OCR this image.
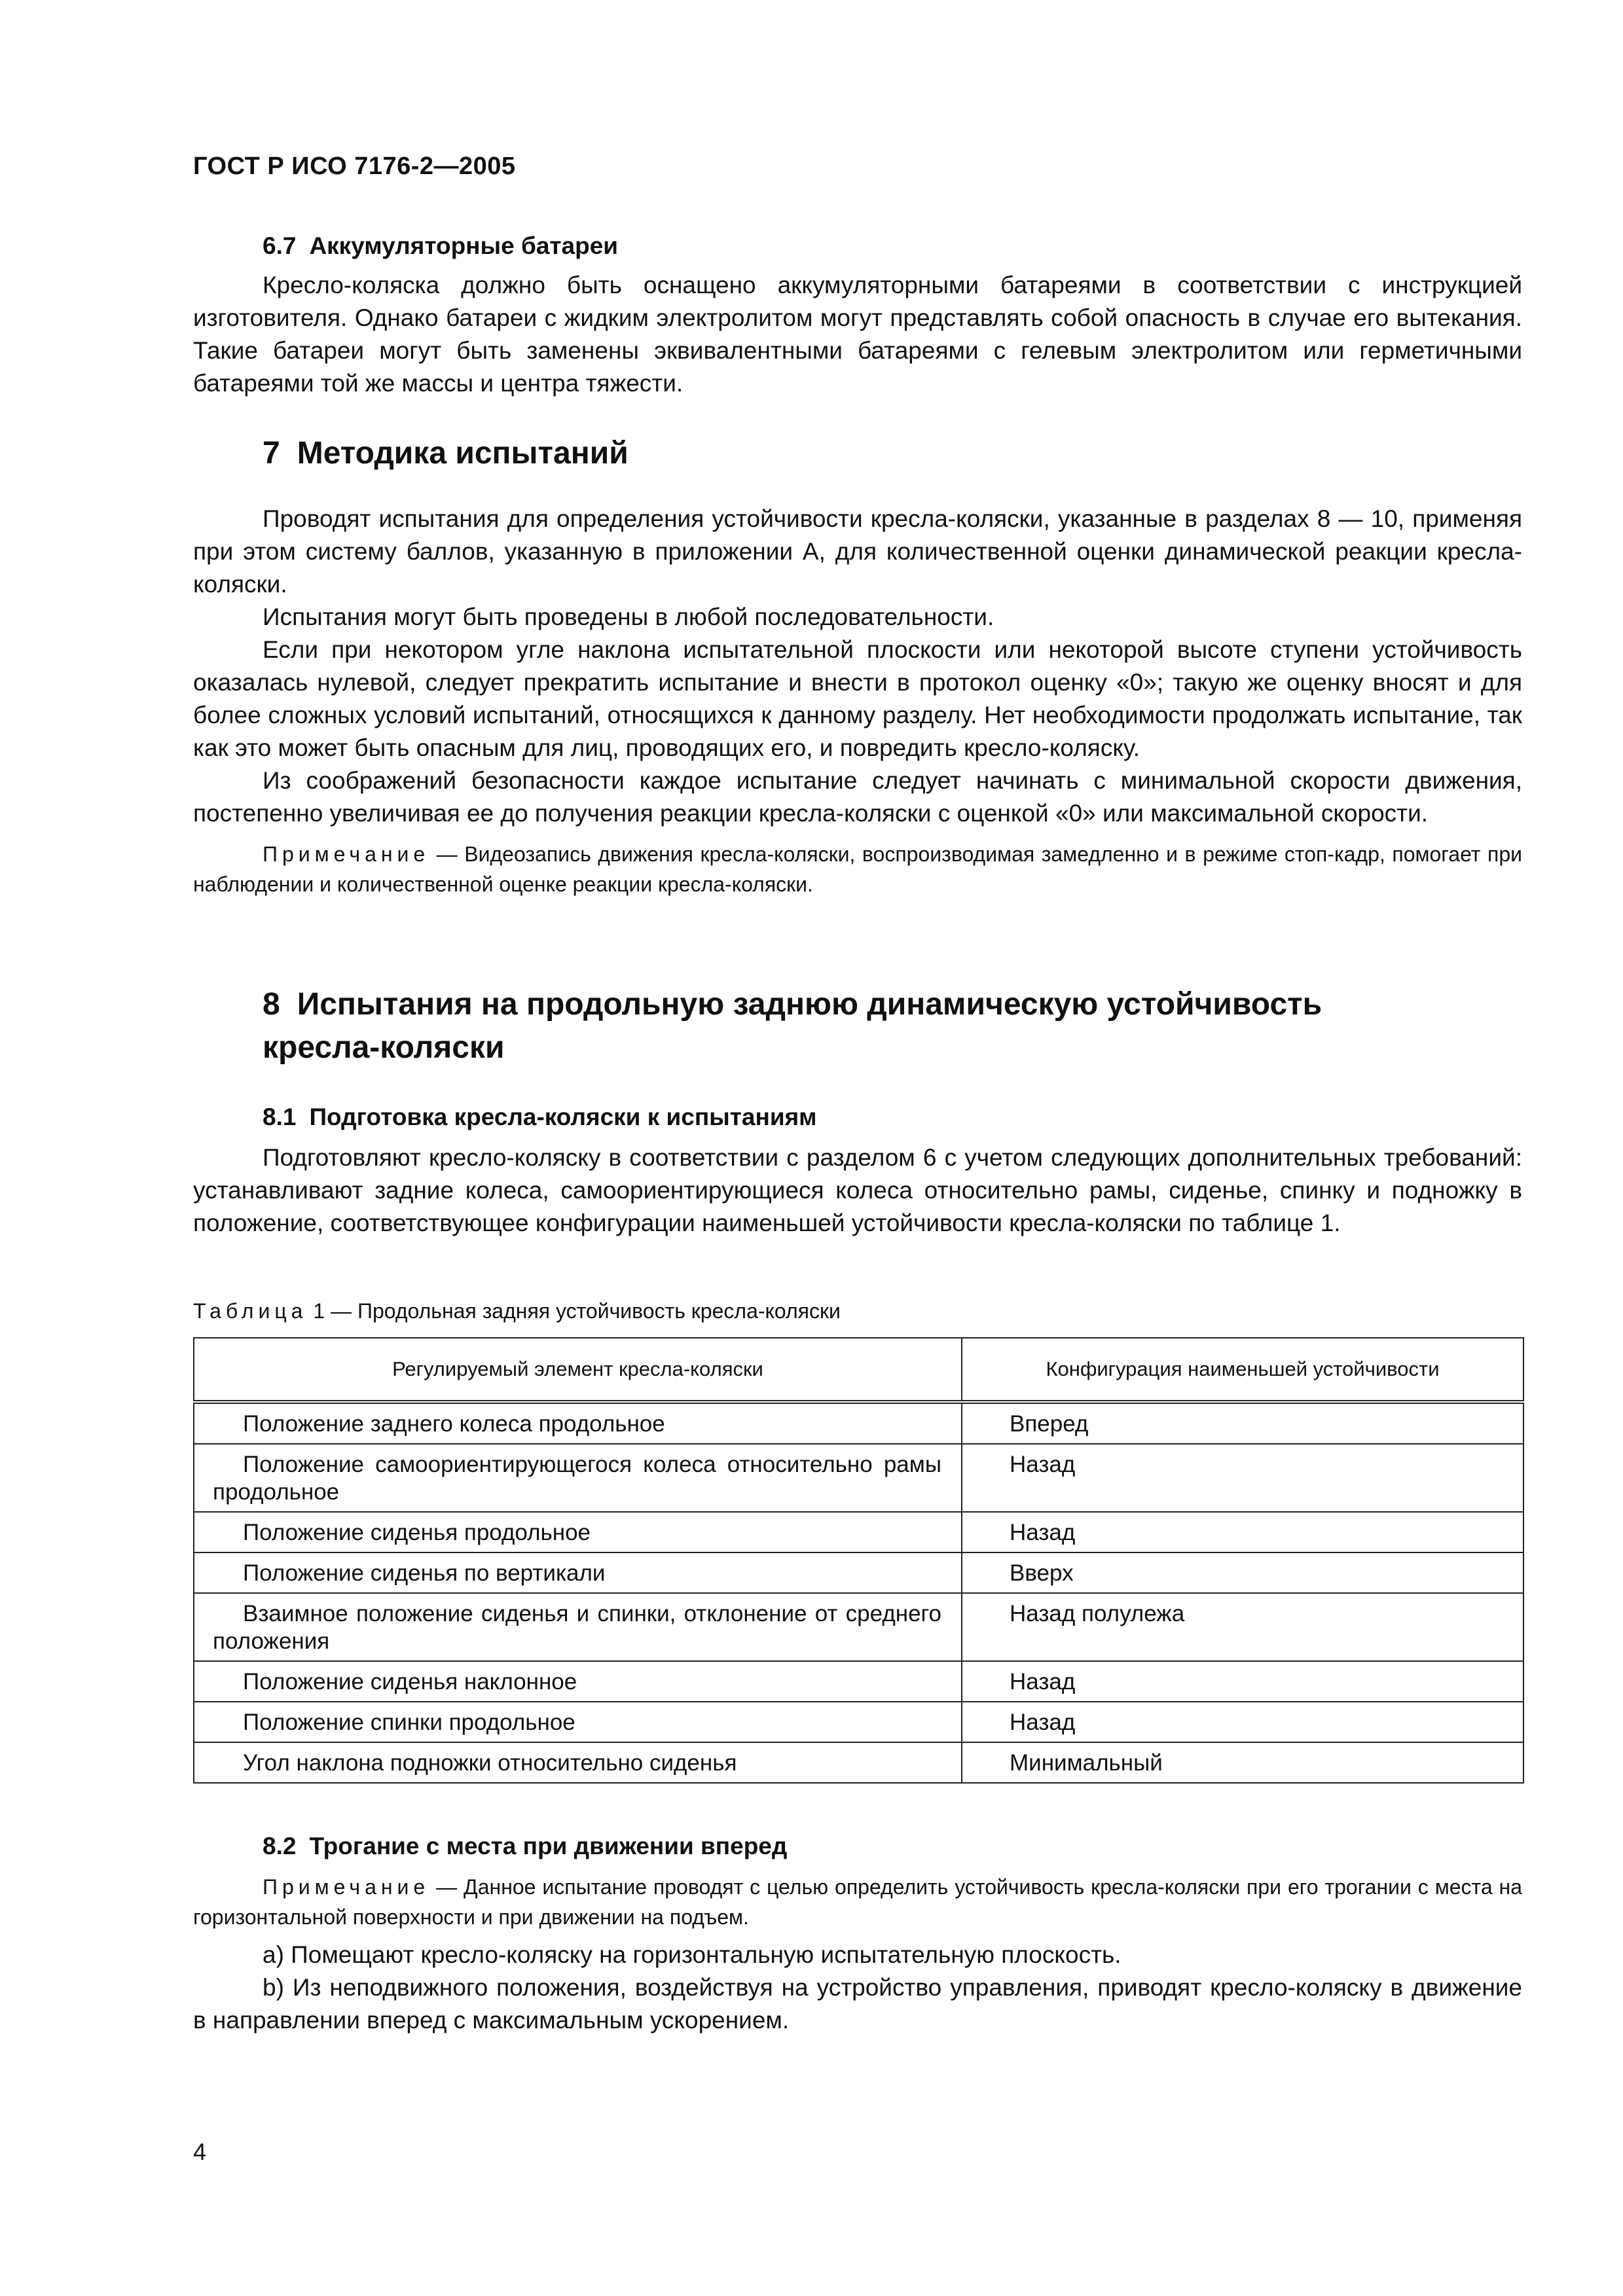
ГОСТ Р ИСО 7176-2—2005
6.7 Аккумуляторные батареи

Кресло-коляска должно быть оснащено аккумуляторными батареями в соответствии с инструкцией изготовителя. Однако батареи с жидким электролитом могут представлять собой опасность в случае его вытекания. Такие батареи могут быть заменены эквивалентными батареями с гелевым электролитом или герметичными батареями той же массы и центра тяжести.

7 Методика испытаний

Проводят испытания для определения устойчивости кресла-коляски, указанные в разделах 8 — 10, применяя при этом систему баллов, указанную в приложении А, для количественной оценки динамической реакции кресла-коляски.

Испытания могут быть проведены в любой последовательности.

Если при некотором угле наклона испытательной плоскости или некоторой высоте ступени устойчивость оказалась нулевой, следует прекратить испытание и внести в протокол оценку «0»; такую же оценку вносят и для более сложных условий испытаний, относящихся к данному разделу. Нет необходимости продолжать испытание, так как это может быть опасным для лиц, проводящих его, и повредить кресло-коляску.

Из соображений безопасности каждое испытание следует начинать с минимальной скорости движения, постепенно увеличивая ее до получения реакции кресла-коляски с оценкой «0» или максимальной скорости.

Примечание — Видеозапись движения кресла-коляски, воспроизводимая замедленно и в режиме стоп-кадр, помогает при наблюдении и количественной оценке реакции кресла-коляски.

8 Испытания на продольную заднюю динамическую устойчивость
кресла-коляски
8.1 Подготовка кресла-коляски к испытаниям

Подготовляют кресло-коляску в соответствии с разделом 6 с учетом следующих дополнительных требований: устанавливают задние колеса, самоориентирующиеся колеса относительно рамы, сиденье, спинку и подножку в положение, соответствующее конфигурации наименьшей устойчивости кресла-коляски по таблице 1.

Таблица 1 — Продольная задняя устойчивость кресла-коляски
Регулируемый элемент кресла-коляски	Конфигурация наименьшей устойчивости
Положение заднего колеса продольное	Вперед
Положение самоориентирующегося колеса относительно рамы продольное	Назад
Положение сиденья продольное	Назад
Положение сиденья по вертикали	Вверх
Взаимное положение сиденья и спинки, отклонение от среднего положения	Назад полулежа
Положение сиденья наклонное	Назад
Положение спинки продольное	Назад
Угол наклона подножки относительно сиденья	Минимальный
8.2 Трогание с места при движении вперед

Примечание — Данное испытание проводят с целью определить устойчивость кресла-коляски при его трогании с места на горизонтальной поверхности и при движении на подъем.

a) Помещают кресло-коляску на горизонтальную испытательную плоскость.

b) Из неподвижного положения, воздействуя на устройство управления, приводят кресло-коляску в движение в направлении вперед с максимальным ускорением.

4
